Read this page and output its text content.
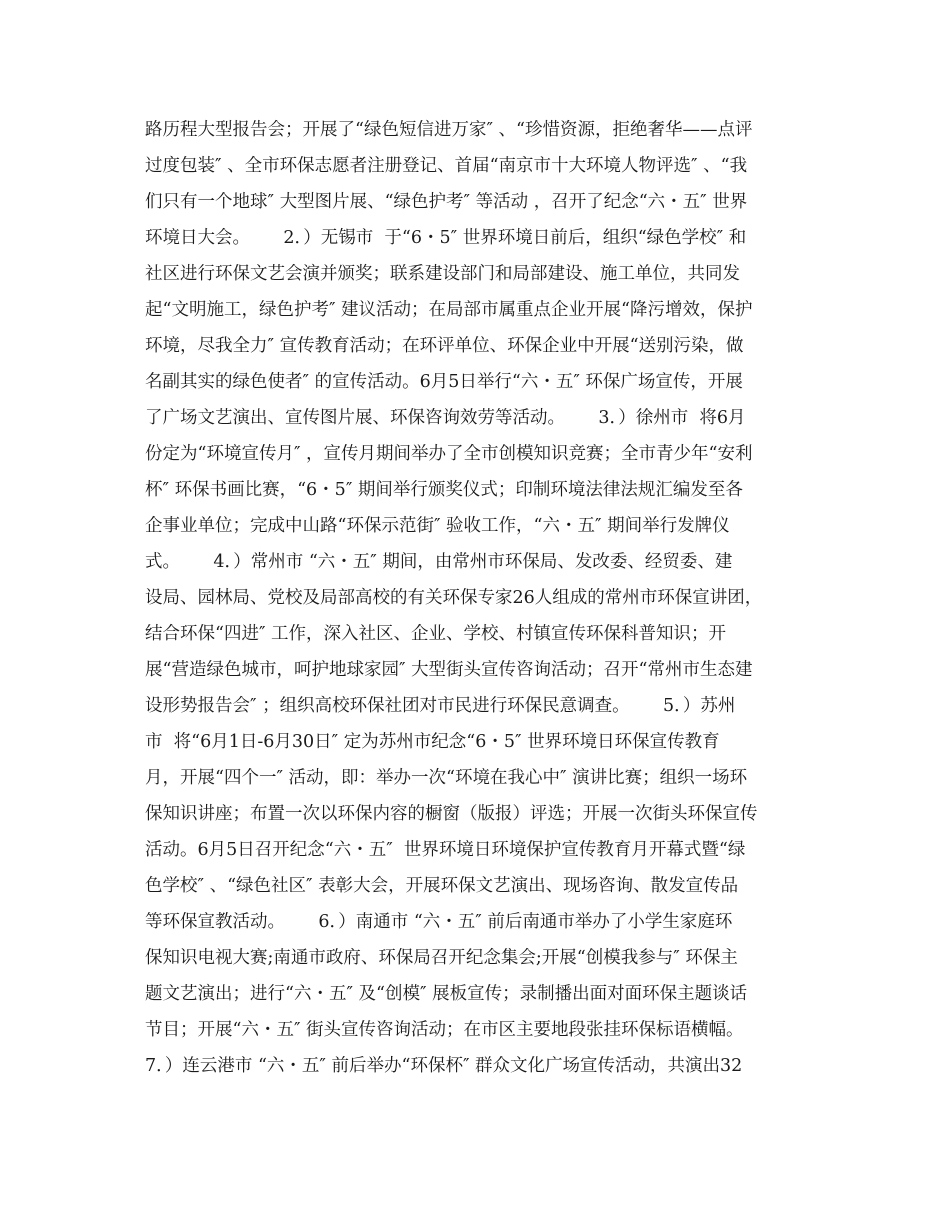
路历程大型报告会；开展了“绿色短信进万家″ 、“珍惜资源，拒绝奢华——点评
过度包装″ 、全市环保志愿者注册登记、首届“南京市十大环境人物评选″ 、“我
们只有一个地球″ 大型图片展、“绿色护考″ 等活动 ，召开了纪念“六・五″ 世界
环境日大会。      2．）无锡市  于“6・5″ 世界环境日前后，组织“绿色学校″ 和
社区进行环保文艺会演并颁奖；联系建设部门和局部建设、施工单位，共同发
起“文明施工，绿色护考″ 建议活动；在局部市属重点企业开展“降污增效，保护
环境，尽我全力″ 宣传教育活动；在环评单位、环保企业中开展“送别污染，做
名副其实的绿色使者″ 的宣传活动。6月5日举行“六・五″ 环保广场宣传，开展
了广场文艺演出、宣传图片展、环保咨询效劳等活动。      3．）徐州市  将6月
份定为“环境宣传月″ ，宣传月期间举办了全市创模知识竞赛；全市青少年“安利
杯″ 环保书画比赛，“6・5″ 期间举行颁奖仪式；印制环境法律法规汇编发至各
企事业单位；完成中山路“环保示范街″ 验收工作，“六・五″ 期间举行发牌仪
式。      4．）常州市 “六・五″ 期间，由常州市环保局、发改委、经贸委、建
设局、园林局、党校及局部高校的有关环保专家26人组成的常州市环保宣讲团，
结合环保“四进″ 工作，深入社区、企业、学校、村镇宣传环保科普知识；开
展“营造绿色城市，呵护地球家园″ 大型街头宣传咨询活动；召开“常州市生态建
设形势报告会″ ；组织高校环保社团对市民进行环保民意调查。      5．）苏州
市  将“6月1日-6月30日″ 定为苏州市纪念“6・5″ 世界环境日环保宣传教育
月，开展“四个一″ 活动，即：举办一次“环境在我心中″ 演讲比赛；组织一场环
保知识讲座；布置一次以环保内容的橱窗（版报）评选；开展一次街头环保宣传
活动。6月5日召开纪念“六・五″  世界环境日环境保护宣传教育月开幕式暨“绿
色学校″ 、“绿色社区″ 表彰大会，开展环保文艺演出、现场咨询、散发宣传品
等环保宣教活动。      6．）南通市 “六・五″ 前后南通市举办了小学生家庭环
保知识电视大赛;南通市政府、环保局召开纪念集会;开展“创模我参与″ 环保主
题文艺演出；进行“六・五″ 及“创模″ 展板宣传；录制播出面对面环保主题谈话
节目；开展“六・五″ 街头宣传咨询活动；在市区主要地段张挂环保标语横幅。
7．）连云港市 “六・五″ 前后举办“环保杯″ 群众文化广场宣传活动，共演出32
